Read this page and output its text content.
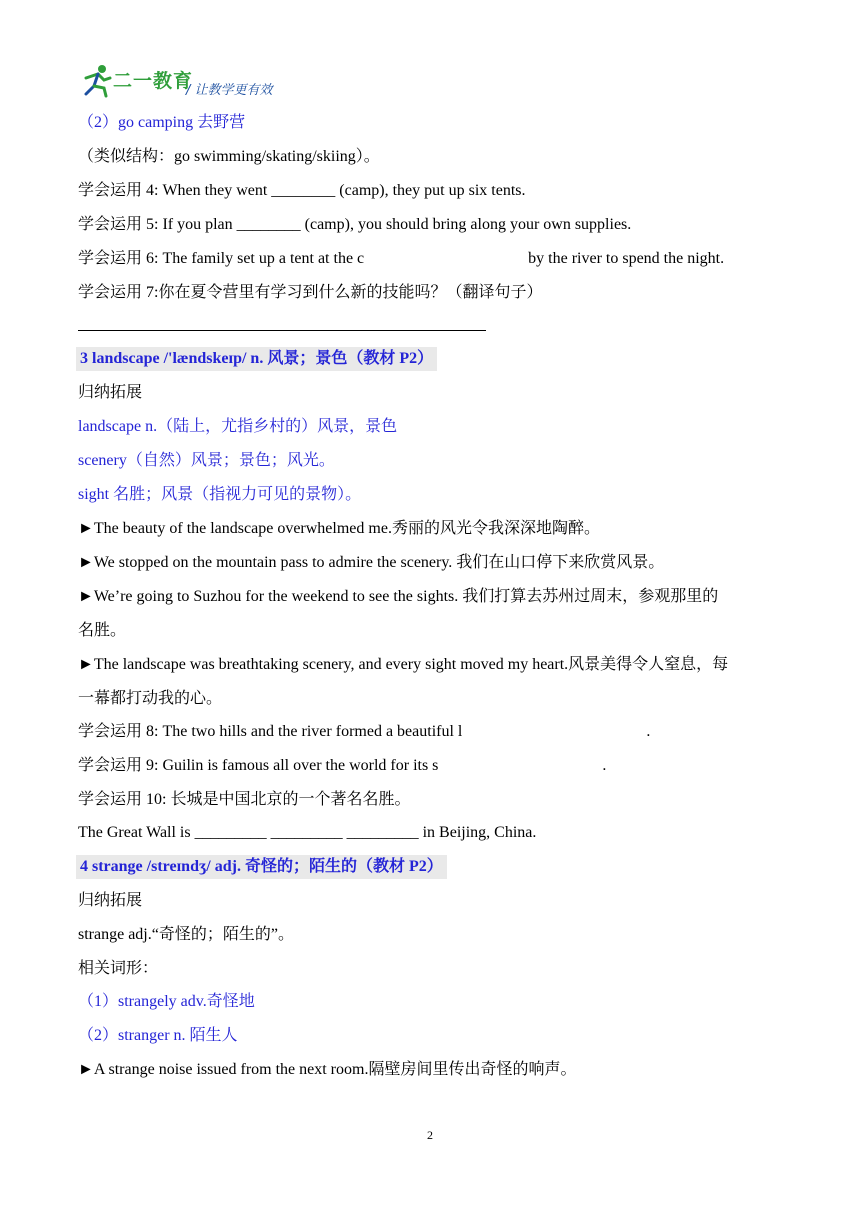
二一教育
/ 让教学更有效
（2）go camping 去野营
（类似结构：go swimming/skating/skiing）。
学会运用 4: When they went ________ (camp), they put up six tents.
学会运用 5: If you plan ________ (camp), you should bring along your own supplies.
学会运用 6: The family set up a tent at the c	by the river to spend the night.
学会运用 7:你在夏令营里有学习到什么新的技能吗？（翻译句子）
3 landscape /'lændskeɪp/ n. 风景；景色（教材 P2）
归纳拓展
landscape n.（陆上，尤指乡村的）风景，景色
scenery（自然）风景；景色；风光。
sight 名胜；风景（指视力可见的景物）。
►The beauty of the landscape overwhelmed me.秀丽的风光令我深深地陶醉。
►We stopped on the mountain pass to admire the scenery. 我们在山口停下来欣赏风景。
►We’re going to Suzhou for the weekend to see the sights. 我们打算去苏州过周末，参观那里的
名胜。
►The landscape was breathtaking scenery, and every sight moved my heart.风景美得令人窒息，每
一幕都打动我的心。
学会运用 8: The two hills and the river formed a beautiful l	.
学会运用 9: Guilin is famous all over the world for its s	.
学会运用 10: 长城是中国北京的一个著名名胜。
The Great Wall is _________ _________ _________ in Beijing, China.
4 strange /streɪndʒ/ adj. 奇怪的；陌生的（教材 P2）
归纳拓展
strange adj.“奇怪的；陌生的”。
相关词形：
（1）strangely adv.奇怪地
（2）stranger n. 陌生人
►A strange noise issued from the next room.隔壁房间里传出奇怪的响声。
2
